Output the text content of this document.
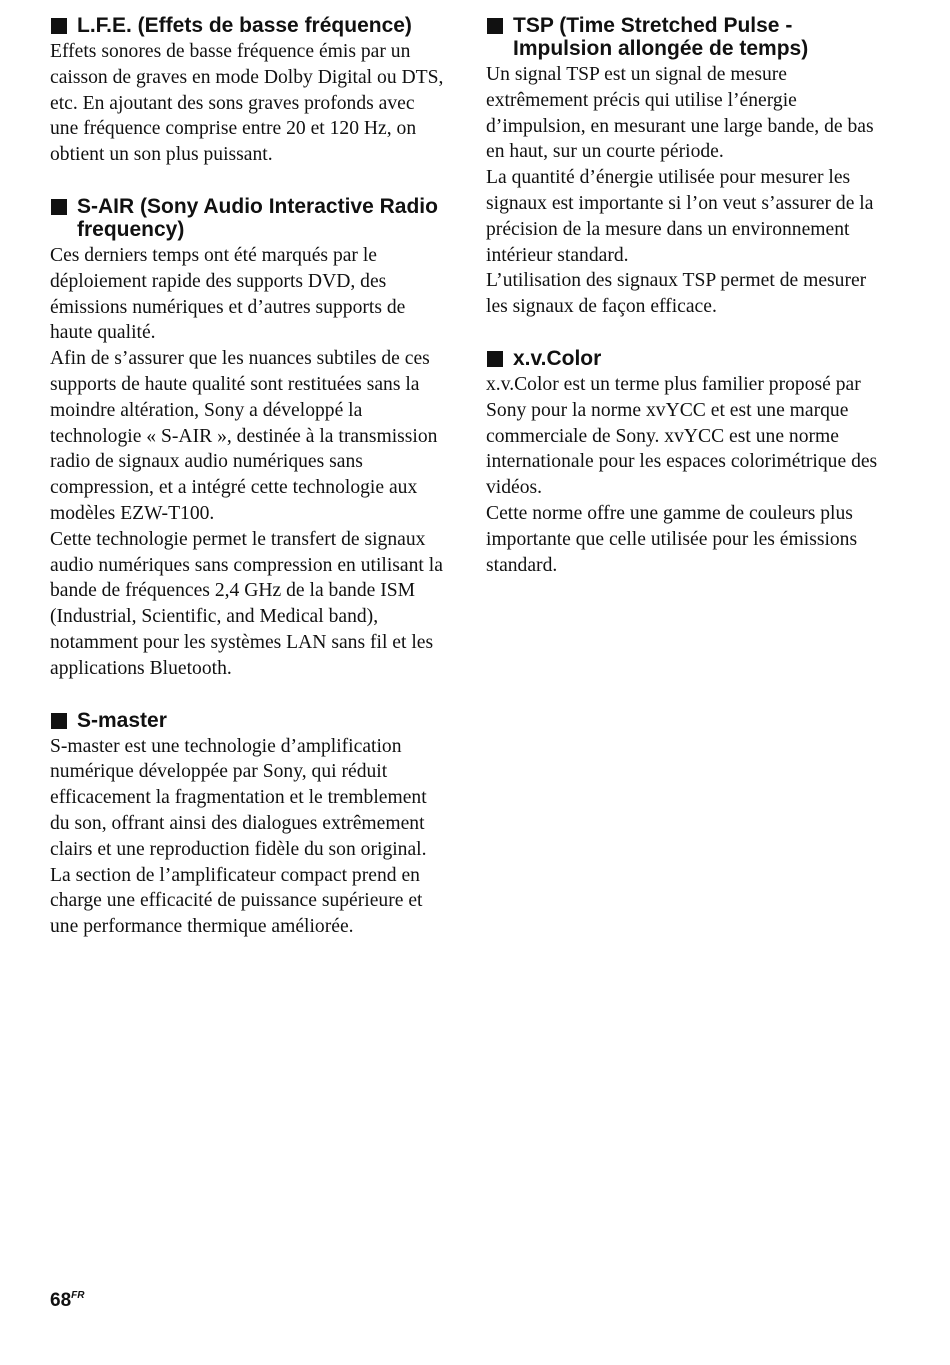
L.F.E. (Effets de basse fréquence)

Effets sonores de basse fréquence émis par un caisson de graves en mode Dolby Digital ou DTS, etc. En ajoutant des sons graves profonds avec une fréquence comprise entre 20 et 120 Hz, on obtient un son plus puissant.

S-AIR (Sony Audio Interactive Radio frequency)

Ces derniers temps ont été marqués par le déploiement rapide des supports DVD, des émissions numériques et d’autres supports de haute qualité.

Afin de s’assurer que les nuances subtiles de ces supports de haute qualité sont restituées sans la moindre altération, Sony a développé la technologie « S-AIR », destinée à la transmission radio de signaux audio numériques sans compression, et a intégré cette technologie aux modèles EZW-T100.

Cette technologie permet le transfert de signaux audio numériques sans compression en utilisant la bande de fréquences 2,4 GHz de la bande ISM (Industrial, Scientific, and Medical band), notamment pour les systèmes LAN sans fil et les applications Bluetooth.

S-master

S-master est une technologie d’amplification numérique développée par Sony, qui réduit efficacement la fragmentation et le tremblement du son, offrant ainsi des dialogues extrêmement clairs et une reproduction fidèle du son original. La section de l’amplificateur compact prend en charge une efficacité de puissance supérieure et une performance thermique améliorée.

TSP (Time Stretched Pulse - Impulsion allongée de temps)

Un signal TSP est un signal de mesure extrêmement précis qui utilise l’énergie d’impulsion, en mesurant une large bande, de bas en haut, sur un courte période.

La quantité d’énergie utilisée pour mesurer les signaux est importante si l’on veut s’assurer de la précision de la mesure dans un environnement intérieur standard.

L’utilisation des signaux TSP permet de mesurer les signaux de façon efficace.

x.v.Color

x.v.Color est un terme plus familier proposé par Sony pour la norme xvYCC et est une marque commerciale de Sony. xvYCC est une norme internationale pour les espaces colorimétrique des vidéos.

Cette norme offre une gamme de couleurs plus importante que celle utilisée pour les émissions standard.

$68^{FR}$
